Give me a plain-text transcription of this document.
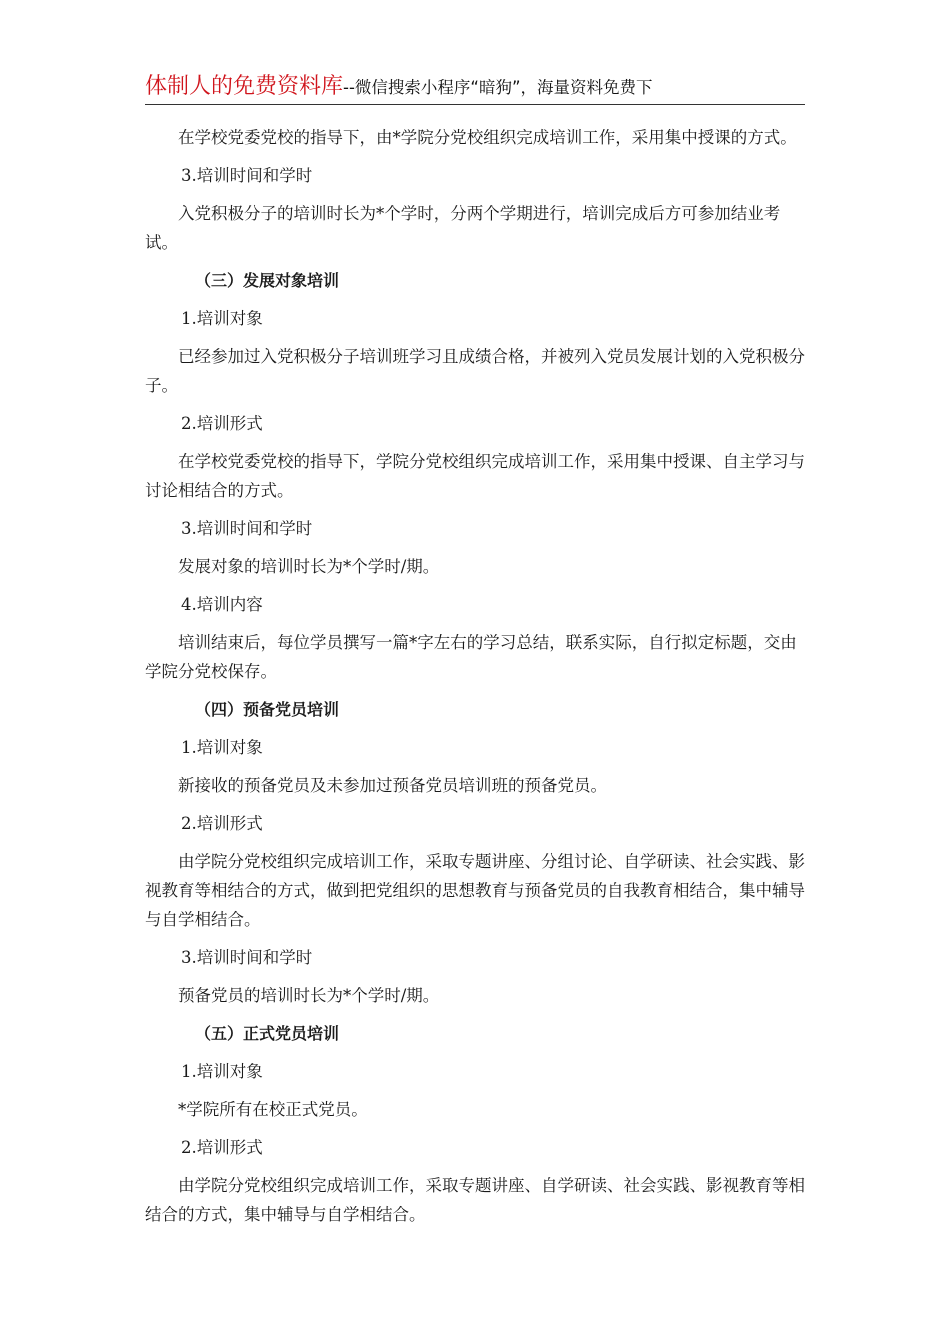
体制人的免费资料库--微信搜索小程序“暗狗”，海量资料免费下

在学校党委党校的指导下，由*学院分党校组织完成培训工作，采用集中授课的方式。

3.培训时间和学时

入党积极分子的培训时长为*个学时，分两个学期进行，培训完成后方可参加结业考试。

（三）发展对象培训

1.培训对象

已经参加过入党积极分子培训班学习且成绩合格，并被列入党员发展计划的入党积极分子。

2.培训形式

在学校党委党校的指导下，学院分党校组织完成培训工作，采用集中授课、自主学习与讨论相结合的方式。

3.培训时间和学时

发展对象的培训时长为*个学时/期。

4.培训内容

培训结束后，每位学员撰写一篇*字左右的学习总结，联系实际，自行拟定标题，交由学院分党校保存。

（四）预备党员培训

1.培训对象

新接收的预备党员及未参加过预备党员培训班的预备党员。

2.培训形式

由学院分党校组织完成培训工作，采取专题讲座、分组讨论、自学研读、社会实践、影视教育等相结合的方式，做到把党组织的思想教育与预备党员的自我教育相结合，集中辅导与自学相结合。

3.培训时间和学时

预备党员的培训时长为*个学时/期。

（五）正式党员培训

1.培训对象

*学院所有在校正式党员。

2.培训形式

由学院分党校组织完成培训工作，采取专题讲座、自学研读、社会实践、影视教育等相结合的方式，集中辅导与自学相结合。
